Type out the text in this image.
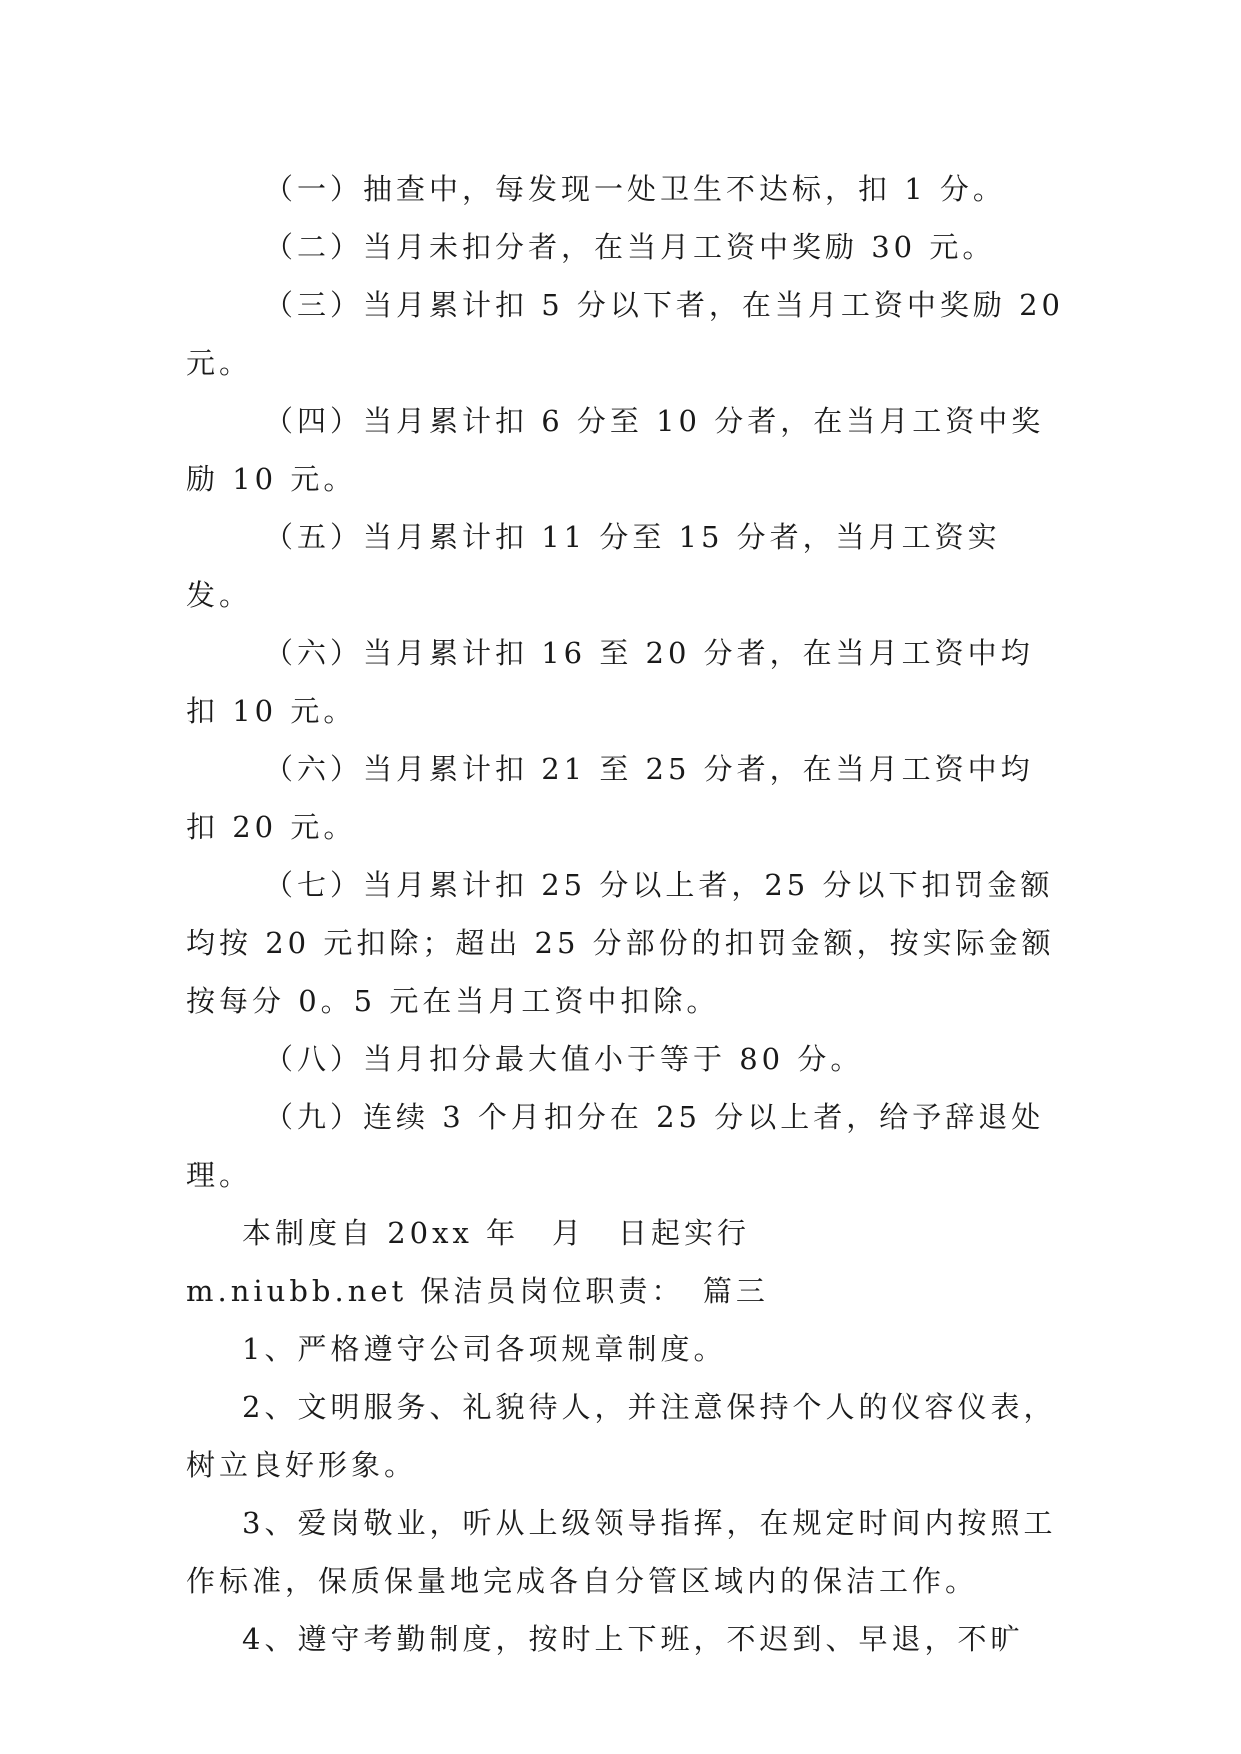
（一）抽查中，每发现一处卫生不达标，扣 1 分。

（二）当月未扣分者，在当月工资中奖励 30 元。

（三）当月累计扣 5 分以下者，在当月工资中奖励 20 元。

（四）当月累计扣 6 分至 10 分者，在当月工资中奖励 10 元。

（五）当月累计扣 11 分至 15 分者，当月工资实发。

（六）当月累计扣 16 至 20 分者，在当月工资中均扣 10 元。

（六）当月累计扣 21 至 25 分者，在当月工资中均扣 20 元。

（七）当月累计扣 25 分以上者，25 分以下扣罚金额均按 20 元扣除；超出 25 分部份的扣罚金额，按实际金额按每分 0。5 元在当月工资中扣除。

（八）当月扣分最大值小于等于 80 分。

（九）连续 3 个月扣分在 25 分以上者，给予辞退处理。

本制度自 20xx 年　月　日起实行

m.niubb.net 保洁员岗位职责：　篇三

1、严格遵守公司各项规章制度。

2、文明服务、礼貌待人，并注意保持个人的仪容仪表，树立良好形象。

3、爱岗敬业，听从上级领导指挥，在规定时间内按照工作标准，保质保量地完成各自分管区域内的保洁工作。

4、遵守考勤制度，按时上下班，不迟到、早退，不旷
